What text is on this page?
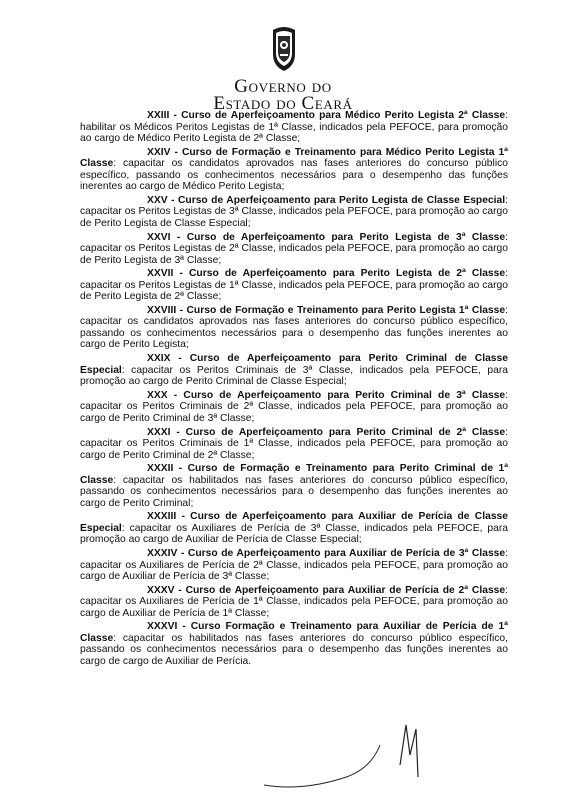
Governo do
Estado do Ceará

XXIII - Curso de Aperfeiçoamento para Médico Perito Legista 2ª Classe: habilitar os Médicos Peritos Legistas de 1ª Classe, indicados pela PEFOCE, para promoção ao cargo de Médico Perito Legista de 2ª Classe;

XXIV - Curso de Formação e Treinamento para Médico Perito Legista 1ª Classe: capacitar os candidatos aprovados nas fases anteriores do concurso público específico, passando os conhecimentos necessários para o desempenho das funções inerentes ao cargo de Médico Perito Legista;

XXV - Curso de Aperfeiçoamento para Perito Legista de Classe Especial: capacitar os Peritos Legistas de 3ª Classe, indicados pela PEFOCE, para promoção ao cargo de Perito Legista de Classe Especial;

XXVI - Curso de Aperfeiçoamento para Perito Legista de 3ª Classe: capacitar os Peritos Legistas de 2ª Classe, indicados pela PEFOCE, para promoção ao cargo de Perito Legista de 3ª Classe;

XXVII - Curso de Aperfeiçoamento para Perito Legista de 2ª Classe: capacitar os Peritos Legistas de 1ª Classe, indicados pela PEFOCE, para promoção ao cargo de Perito Legista de 2ª Classe;

XXVIII - Curso de Formação e Treinamento para Perito Legista 1ª Classe: capacitar os candidatos aprovados nas fases anteriores do concurso público específico, passando os conhecimentos necessários para o desempenho das funções inerentes ao cargo de Perito Legista;

XXIX - Curso de Aperfeiçoamento para Perito Criminal de Classe Especial: capacitar os Peritos Criminais de 3ª Classe, indicados pela PEFOCE, para promoção ao cargo de Perito Criminal de Classe Especial;

XXX - Curso de Aperfeiçoamento para Perito Criminal de 3ª Classe: capacitar os Peritos Criminais de 2ª Classe, indicados pela PEFOCE, para promoção ao cargo de Perito Criminal de 3ª Classe;

XXXI - Curso de Aperfeiçoamento para Perito Criminal de 2ª Classe: capacitar os Peritos Criminais de 1ª Classe, indicados pela PEFOCE, para promoção ao cargo de Perito Criminal de 2ª Classe;

XXXII - Curso de Formação e Treinamento para Perito Criminal de 1ª Classe: capacitar os habilitados nas fases anteriores do concurso público específico, passando os conhecimentos necessários para o desempenho das funções inerentes ao cargo de Perito Criminal;

XXXIII - Curso de Aperfeiçoamento para Auxiliar de Perícia de Classe Especial: capacitar os Auxiliares de Perícia de 3ª Classe, indicados pela PEFOCE, para promoção ao cargo de Auxiliar de Perícia de Classe Especial;

XXXIV - Curso de Aperfeiçoamento para Auxiliar de Perícia de 3ª Classe: capacitar os Auxiliares de Perícia de 2ª Classe, indicados pela PEFOCE, para promoção ao cargo de Auxiliar de Perícia de 3ª Classe;

XXXV - Curso de Aperfeiçoamento para Auxiliar de Perícia de 2ª Classe: capacitar os Auxiliares de Perícia de 1ª Classe, indicados pela PEFOCE, para promoção ao cargo de Auxiliar de Perícia de 1ª Classe;

XXXVI - Curso Formação e Treinamento para Auxiliar de Perícia de 1ª Classe: capacitar os habilitados nas fases anteriores do concurso público específico, passando os conhecimentos necessários para o desempenho das funções inerentes ao cargo de cargo de Auxiliar de Perícia.
